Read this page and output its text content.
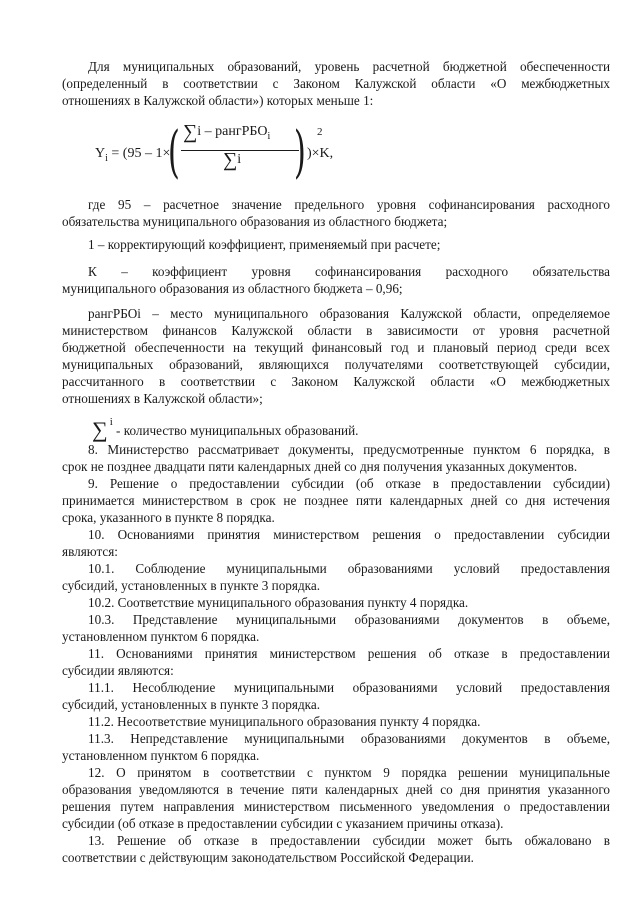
Для муниципальных образований, уровень расчетной бюджетной обеспеченности
(определенный в соответствии с Законом Калужской области «О межбюджетных
отношениях в Калужской области») которых меньше 1:

$Y_i = (95 - 1\times$
( ∑i – рангРБО$_i$
∑i ) 2
)×K,

где 95 – расчетное значение предельного уровня софинансирования расходного
обязательства муниципального образования из областного бюджета;

1 – корректирующий коэффициент, применяемый при расчете;

К – коэффициент уровня софинансирования расходного обязательства
муниципального образования из областного бюджета – 0,96;

рангРБОi – место муниципального образования Калужской области, определяемое
министерством финансов Калужской области в зависимости от уровня расчетной
бюджетной обеспеченности на текущий финансовый год и плановый период среди всех
муниципальных образований, являющихся получателями соответствующей субсидии,
рассчитанного в соответствии с Законом Калужской области «О межбюджетных
отношениях в Калужской области»;

∑ $^i$ - количество муниципальных образований.

8. Министерство рассматривает документы, предусмотренные пунктом 6 порядка, в
срок не позднее двадцати пяти календарных дней со дня получения указанных документов.

9. Решение о предоставлении субсидии (об отказе в предоставлении субсидии)
принимается министерством в срок не позднее пяти календарных дней со дня истечения
срока, указанного в пункте 8 порядка.

10. Основаниями принятия министерством решения о предоставлении субсидии
являются:

10.1. Соблюдение муниципальными образованиями условий предоставления
субсидий, установленных в пункте 3 порядка.

10.2. Соответствие муниципального образования пункту 4 порядка.

10.3. Представление муниципальными образованиями документов в объеме,
установленном пунктом 6 порядка.

11. Основаниями принятия министерством решения об отказе в предоставлении
субсидии являются:

11.1. Несоблюдение муниципальными образованиями условий предоставления
субсидий, установленных в пункте 3 порядка.

11.2. Несоответствие муниципального образования пункту 4 порядка.

11.3. Непредставление муниципальными образованиями документов в объеме,
установленном пунктом 6 порядка.

12. О принятом в соответствии с пунктом 9 порядка решении муниципальные
образования уведомляются в течение пяти календарных дней со дня принятия указанного
решения путем направления министерством письменного уведомления о предоставлении
субсидии (об отказе в предоставлении субсидии с указанием причины отказа).

13. Решение об отказе в предоставлении субсидии может быть обжаловано в
соответствии с действующим законодательством Российской Федерации.
